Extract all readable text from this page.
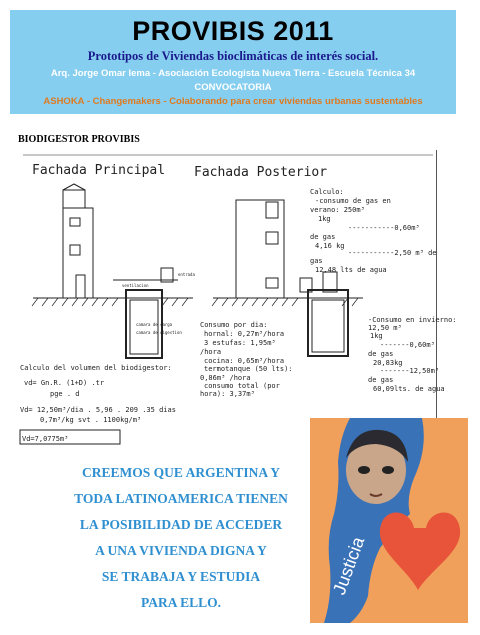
PROVIBIS 2011
Prototipos de Viviendas bioclimáticas de interés social.
Arq. Jorge Omar Iema - Asociación Ecologista Nueva Tierra - Escuela Técnica 34
CONVOCATORIA
ASHOKA - Changemakers - Colaborando para crear viviendas urbanas sustentables
BIODIGESTOR PROVIBIS
Fachada Principal Fachada Posterior
ventilacion
camara de carga
camara de digestion
entrada
Calculo:
-consumo de gas en
verano: 250m³
1kg
-----------0,60m³
de gas
4,16 kg
-----------2,50 m³ de
gas
12,48 lts de agua
-Consumo en invierno:
12,50 m³
1kg
-------0,60m³
de gas
20,83kg
-------12,50m³
de gas
60,09lts. de agua
Consumo por dia:
hornal: 0,27m³/hora
3 estufas: 1,95m³
/hora
cocina: 0,65m³/hora
termotanque (50 lts):
0,86m³ /hora
consumo total (por
hora): 3,37m³
Calculo del volumen del biodigestor:
vd= Gn.R. (1+D) .tr
pge . d
Vd= 12,50m³/dia . 5,96 . 209 .35 dias
0,7m³/kg svt . 1100kg/m³
Vd=7,0775m³
CREEMOS QUE ARGENTINA Y
TODA LATINOAMERICA TIENEN
LA POSIBILIDAD DE ACCEDER
A UNA VIVIENDA DIGNA Y
SE TRABAJA Y ESTUDIA
PARA ELLO.
Justicia
